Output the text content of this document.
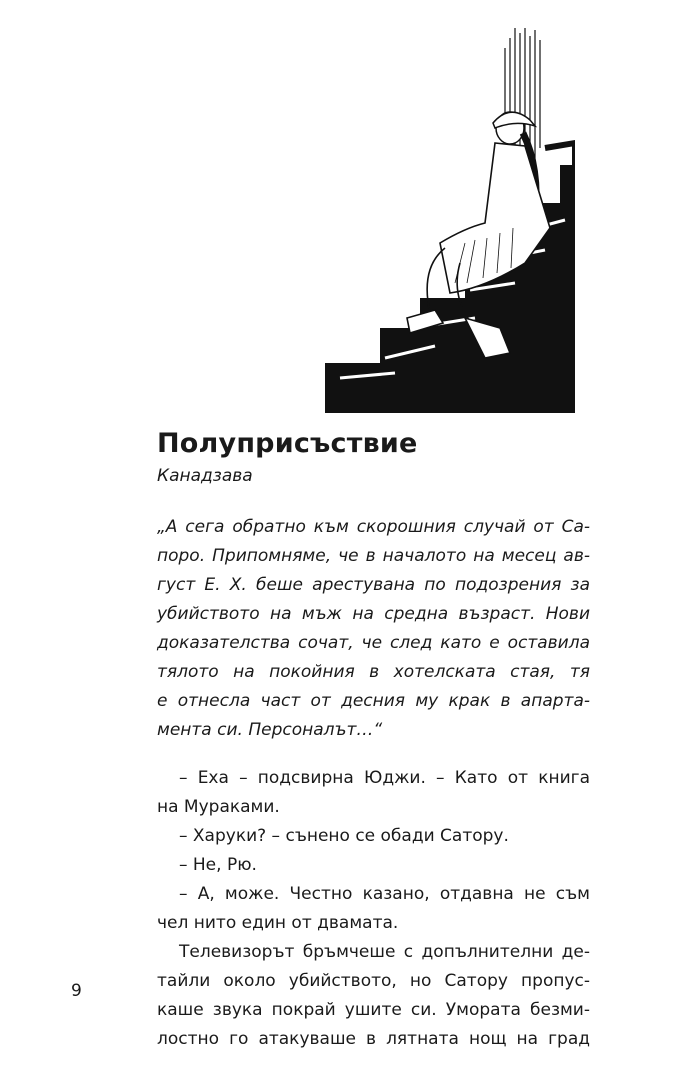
Полуприсъствие
Канадзава
„А сега обратно към скорошния случай от Са-
поро. Припомняме, че в началото на месец ав-
густ Е. Х. беше арестувана по подозрения за
убийството на мъж на средна възраст. Нови
доказателства сочат, че след като е оставила
тялото на покойния в хотелската стая, тя
е отнесла част от десния му крак в апарта-
мента си. Персоналът…“
– Еха – подсвирна Юджи. – Като от книга
на Мураками.
– Харуки? – сънено се обади Сатору.
– Не, Рю.
– А, може. Честно казано, отдавна не съм
чел нито един от двамата.
Телевизорът бръмчеше с допълнителни де-
тайли около убийството, но Сатору пропус-
каше звука покрай ушите си. Умората безми-
лостно го атакуваше в лятната нощ на град
9
